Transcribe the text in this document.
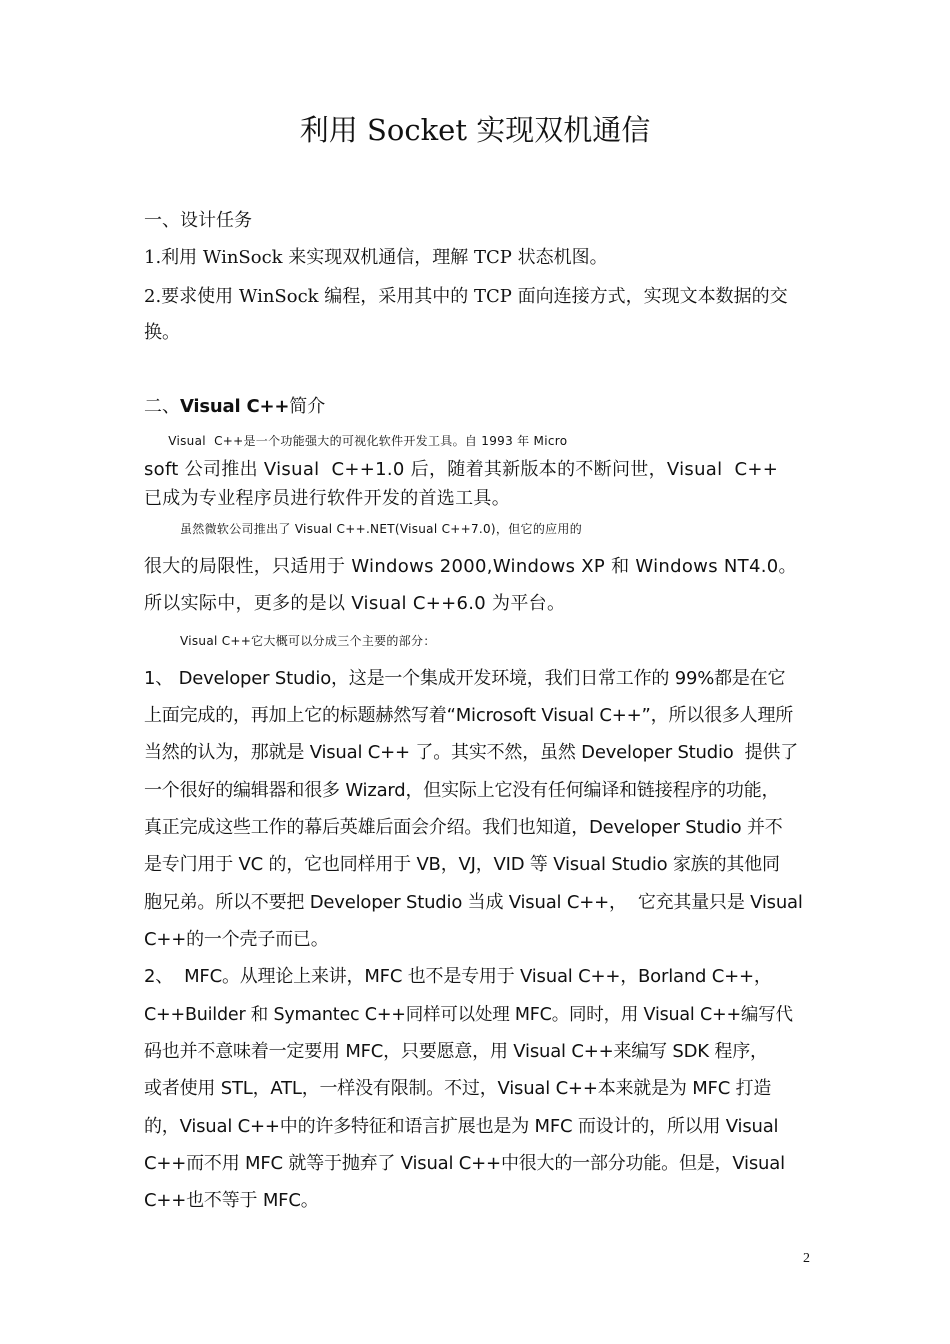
利用 Socket 实现双机通信
一、设计任务
1.利用 WinSock 来实现双机通信，理解 TCP 状态机图。
2.要求使用 WinSock 编程，采用其中的 TCP 面向连接方式，实现文本数据的交
换。
二、Visual C++简介
Visual  C++是一个功能强大的可视化软件开发工具。自 1993 年 Micro
soft 公司推出 Visual  C++1.0 后，随着其新版本的不断问世，Visual  C++
已成为专业程序员进行软件开发的首选工具。
虽然微软公司推出了 Visual C++.NET(Visual C++7.0)，但它的应用的
很大的局限性，只适用于 Windows 2000,Windows XP 和 Windows NT4.0。
所以实际中，更多的是以 Visual C++6.0 为平台。
Visual C++它大概可以分成三个主要的部分：
1、 Developer Studio，这是一个集成开发环境，我们日常工作的 99%都是在它
上面完成的，再加上它的标题赫然写着“Microsoft Visual C++”，所以很多人理所
当然的认为，那就是 Visual C++ 了。其实不然，虽然 Developer Studio  提供了
一个很好的编辑器和很多 Wizard，但实际上它没有任何编译和链接程序的功能，
真正完成这些工作的幕后英雄后面会介绍。我们也知道，Developer Studio 并不
是专门用于 VC 的，它也同样用于 VB，VJ，VID 等 Visual Studio 家族的其他同
胞兄弟。所以不要把 Developer Studio 当成 Visual C++，  它充其量只是 Visual
C++的一个壳子而已。
2、  MFC。从理论上来讲，MFC 也不是专用于 Visual C++，Borland C++，
C++Builder 和 Symantec C++同样可以处理 MFC。同时，用 Visual C++编写代
码也并不意味着一定要用 MFC，只要愿意，用 Visual C++来编写 SDK 程序，
或者使用 STL，ATL，一样没有限制。不过，Visual C++本来就是为 MFC 打造
的，Visual C++中的许多特征和语言扩展也是为 MFC 而设计的，所以用 Visual
C++而不用 MFC 就等于抛弃了 Visual C++中很大的一部分功能。但是，Visual
C++也不等于 MFC。
2
